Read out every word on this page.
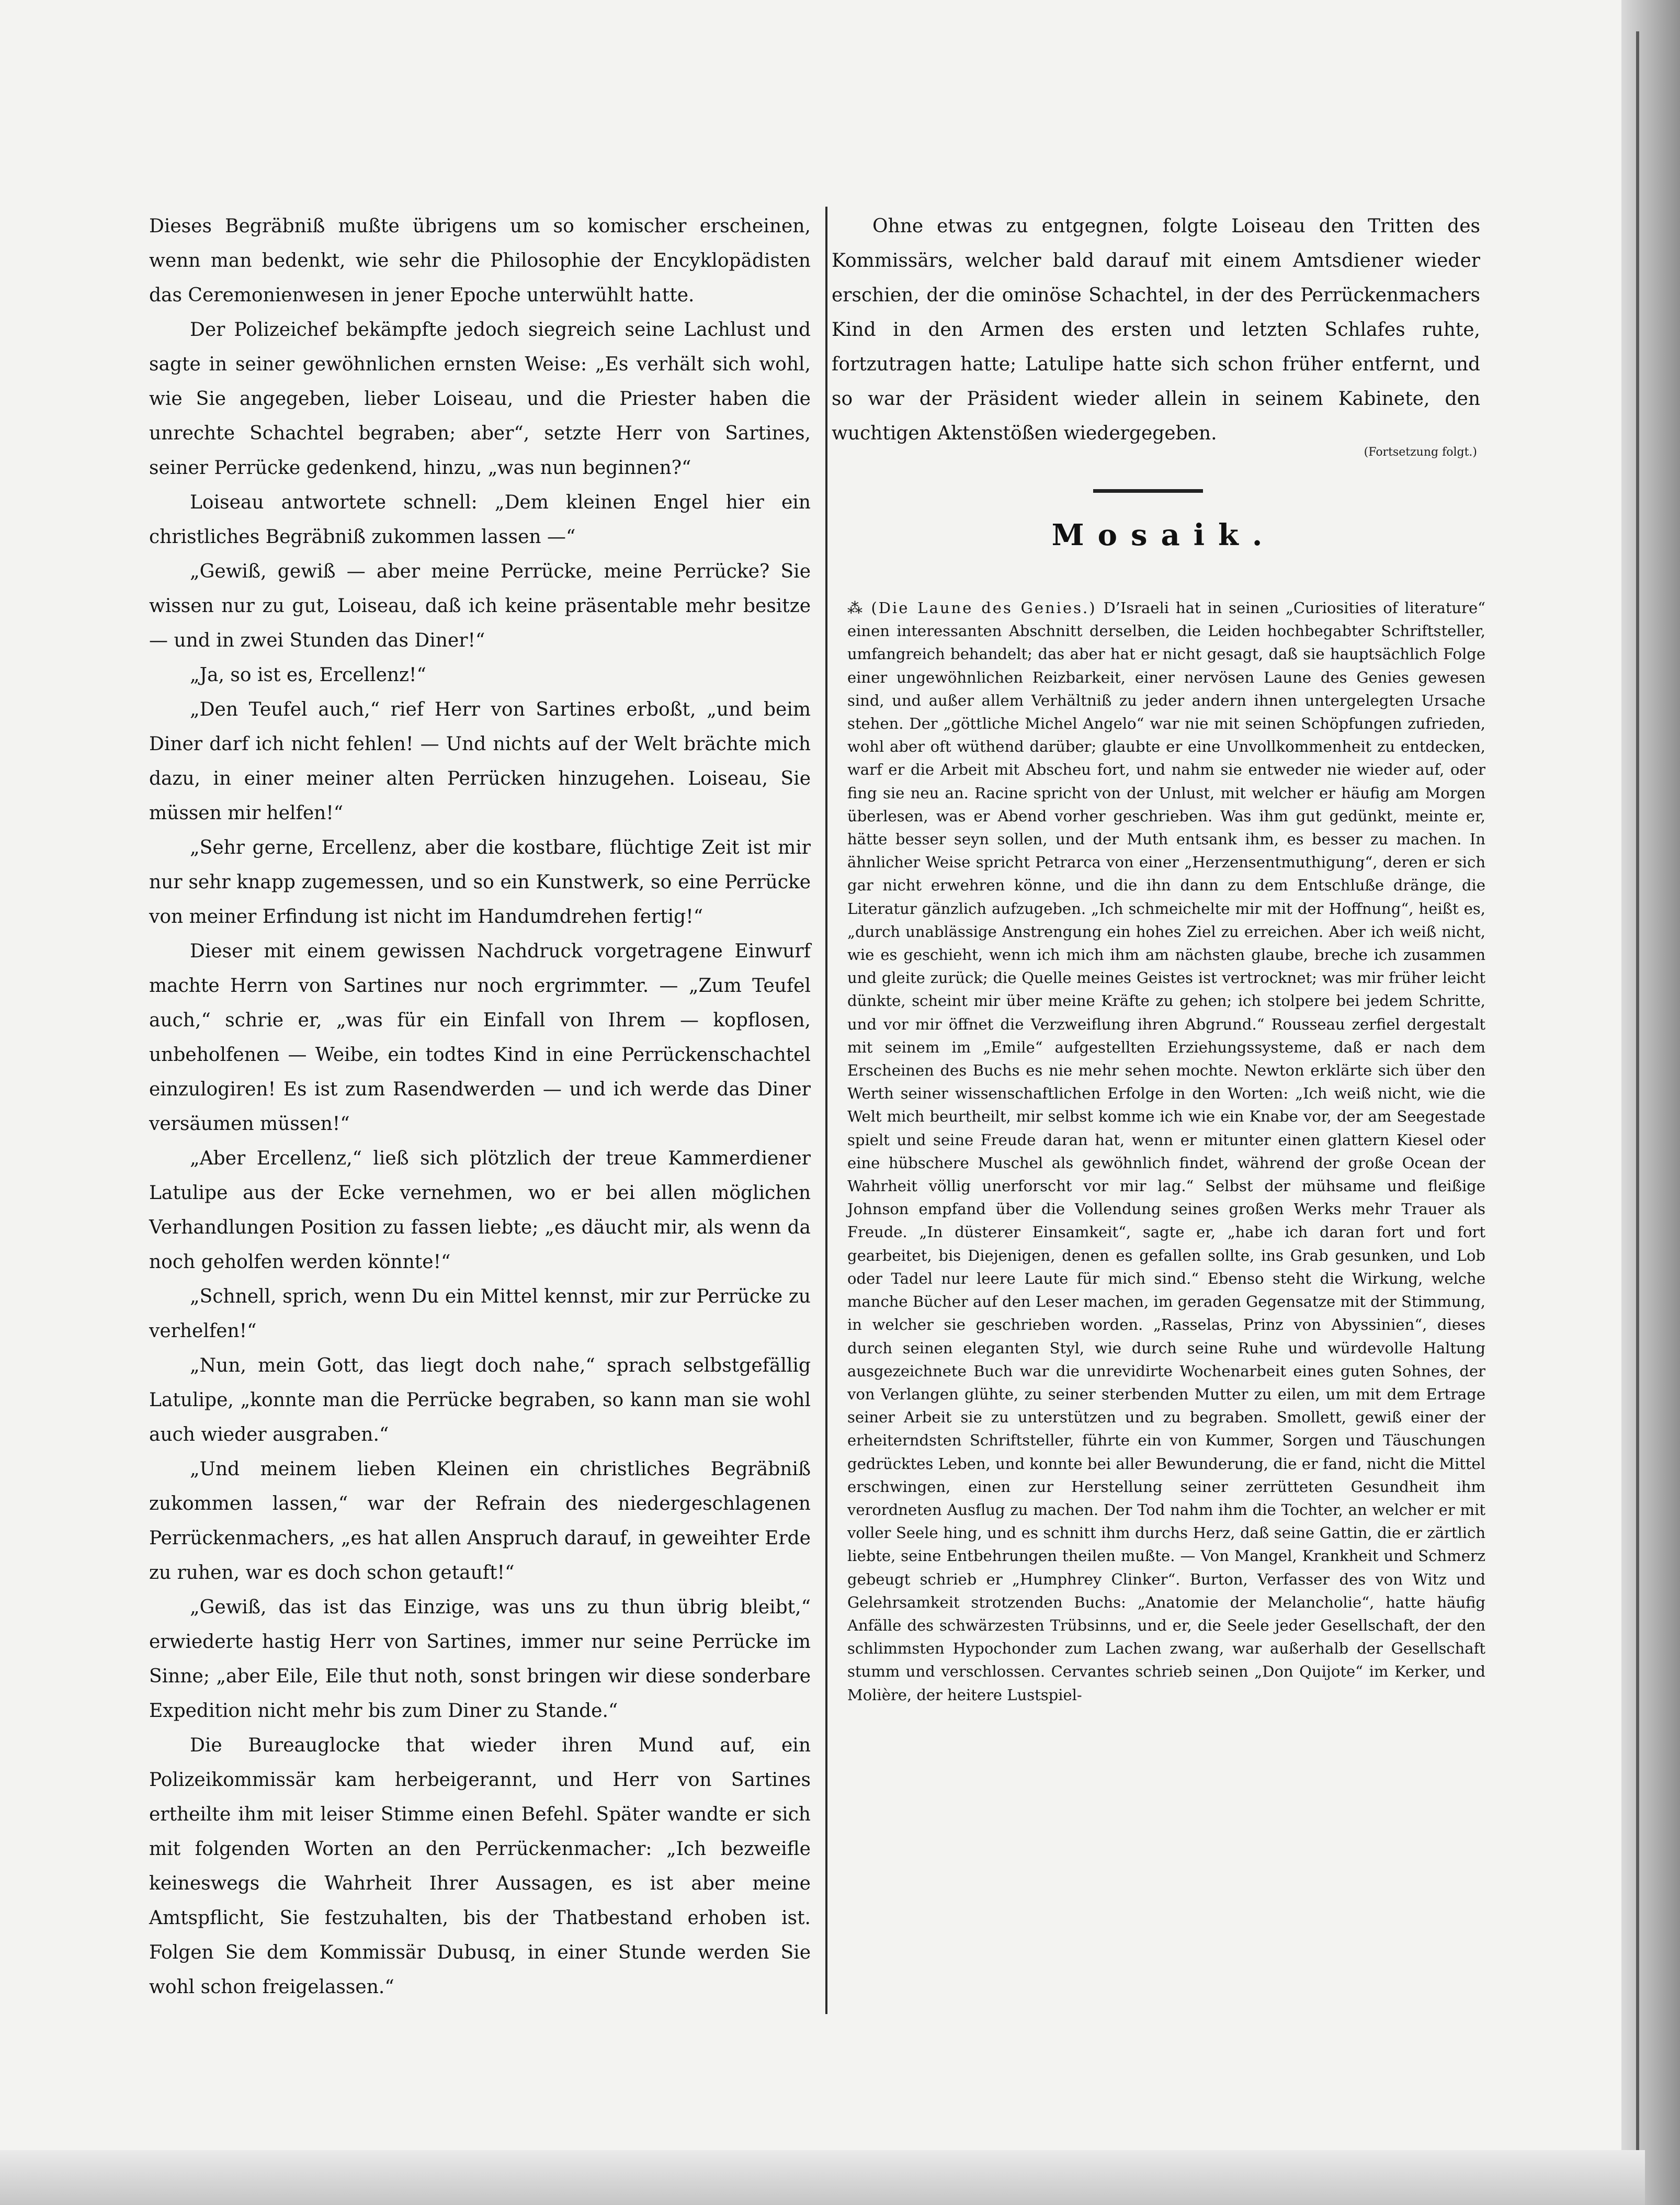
Dieses Begräbniß mußte übrigens um so komischer erscheinen, wenn man bedenkt, wie sehr die Philosophie der Encyklopädisten das Ceremonienwesen in jener Epoche unterwühlt hatte.

Der Polizeichef bekämpfte jedoch siegreich seine Lachlust und sagte in seiner gewöhnlichen ernsten Weise: „Es verhält sich wohl, wie Sie angegeben, lieber Loiseau, und die Priester haben die unrechte Schachtel begraben; aber“, setzte Herr von Sartines, seiner Perrücke gedenkend, hinzu, „was nun beginnen?“

Loiseau antwortete schnell: „Dem kleinen Engel hier ein christliches Begräbniß zukommen lassen —“

„Gewiß, gewiß — aber meine Perrücke, meine Perrücke? Sie wissen nur zu gut, Loiseau, daß ich keine präsentable mehr besitze — und in zwei Stunden das Diner!“

„Ja, so ist es, Ercellenz!“

„Den Teufel auch,“ rief Herr von Sartines erboßt, „und beim Diner darf ich nicht fehlen! — Und nichts auf der Welt brächte mich dazu, in einer meiner alten Perrücken hinzugehen. Loiseau, Sie müssen mir helfen!“

„Sehr gerne, Ercellenz, aber die kostbare, flüchtige Zeit ist mir nur sehr knapp zugemessen, und so ein Kunstwerk, so eine Perrücke von meiner Erfindung ist nicht im Handumdrehen fertig!“

Dieser mit einem gewissen Nachdruck vorgetragene Einwurf machte Herrn von Sartines nur noch ergrimmter. — „Zum Teufel auch,“ schrie er, „was für ein Einfall von Ihrem — kopflosen, unbeholfenen — Weibe, ein todtes Kind in eine Perrückenschachtel einzulogiren! Es ist zum Rasendwerden — und ich werde das Diner versäumen müssen!“

„Aber Ercellenz,“ ließ sich plötzlich der treue Kammerdiener Latulipe aus der Ecke vernehmen, wo er bei allen möglichen Verhandlungen Position zu fassen liebte; „es däucht mir, als wenn da noch geholfen werden könnte!“

„Schnell, sprich, wenn Du ein Mittel kennst, mir zur Perrücke zu verhelfen!“

„Nun, mein Gott, das liegt doch nahe,“ sprach selbstgefällig Latulipe, „konnte man die Perrücke begraben, so kann man sie wohl auch wieder ausgraben.“

„Und meinem lieben Kleinen ein christliches Begräbniß zukommen lassen,“ war der Refrain des niedergeschlagenen Perrückenmachers, „es hat allen Anspruch darauf, in geweihter Erde zu ruhen, war es doch schon getauft!“

„Gewiß, das ist das Einzige, was uns zu thun übrig bleibt,“ erwiederte hastig Herr von Sartines, immer nur seine Perrücke im Sinne; „aber Eile, Eile thut noth, sonst bringen wir diese sonderbare Expedition nicht mehr bis zum Diner zu Stande.“

Die Bureauglocke that wieder ihren Mund auf, ein Polizeikommissär kam herbeigerannt, und Herr von Sartines ertheilte ihm mit leiser Stimme einen Befehl. Später wandte er sich mit folgenden Worten an den Perrückenmacher: „Ich bezweifle keineswegs die Wahrheit Ihrer Aussagen, es ist aber meine Amtspflicht, Sie festzuhalten, bis der Thatbestand erhoben ist. Folgen Sie dem Kommissär Dubusq, in einer Stunde werden Sie wohl schon freigelassen.“

Ohne etwas zu entgegnen, folgte Loiseau den Tritten des Kommissärs, welcher bald darauf mit einem Amtsdiener wieder erschien, der die ominöse Schachtel, in der des Perrückenmachers Kind in den Armen des ersten und letzten Schlafes ruhte, fortzutragen hatte; Latulipe hatte sich schon früher entfernt, und so war der Präsident wieder allein in seinem Kabinete, den wuchtigen Aktenstößen wiedergegeben.

(Fortsetzung folgt.)
Mosaik.

⁂ (Die Laune des Genies.) D’Israeli hat in seinen „Curiosities of literature“ einen interessanten Abschnitt derselben, die Leiden hochbegabter Schriftsteller, umfangreich behandelt; das aber hat er nicht gesagt, daß sie hauptsächlich Folge einer ungewöhnlichen Reizbarkeit, einer nervösen Laune des Genies gewesen sind, und außer allem Verhältniß zu jeder andern ihnen untergelegten Ursache stehen. Der „göttliche Michel Angelo“ war nie mit seinen Schöpfungen zufrieden, wohl aber oft wüthend darüber; glaubte er eine Unvollkommenheit zu entdecken, warf er die Arbeit mit Abscheu fort, und nahm sie entweder nie wieder auf, oder fing sie neu an. Racine spricht von der Unlust, mit welcher er häufig am Morgen überlesen, was er Abend vorher geschrieben. Was ihm gut gedünkt, meinte er, hätte besser seyn sollen, und der Muth entsank ihm, es besser zu machen. In ähnlicher Weise spricht Petrarca von einer „Herzensentmuthigung“, deren er sich gar nicht erwehren könne, und die ihn dann zu dem Entschluße dränge, die Literatur gänzlich aufzugeben. „Ich schmeichelte mir mit der Hoffnung“, heißt es, „durch unablässige Anstrengung ein hohes Ziel zu erreichen. Aber ich weiß nicht, wie es geschieht, wenn ich mich ihm am nächsten glaube, breche ich zusammen und gleite zurück; die Quelle meines Geistes ist vertrocknet; was mir früher leicht dünkte, scheint mir über meine Kräfte zu gehen; ich stolpere bei jedem Schritte, und vor mir öffnet die Verzweiflung ihren Abgrund.“ Rousseau zerfiel dergestalt mit seinem im „Emile“ aufgestellten Erziehungssysteme, daß er nach dem Erscheinen des Buchs es nie mehr sehen mochte. Newton erklärte sich über den Werth seiner wissenschaftlichen Erfolge in den Worten: „Ich weiß nicht, wie die Welt mich beurtheilt, mir selbst komme ich wie ein Knabe vor, der am Seegestade spielt und seine Freude daran hat, wenn er mitunter einen glattern Kiesel oder eine hübschere Muschel als gewöhnlich findet, während der große Ocean der Wahrheit völlig unerforscht vor mir lag.“ Selbst der mühsame und fleißige Johnson empfand über die Vollendung seines großen Werks mehr Trauer als Freude. „In düsterer Einsamkeit“, sagte er, „habe ich daran fort und fort gearbeitet, bis Diejenigen, denen es gefallen sollte, ins Grab gesunken, und Lob oder Tadel nur leere Laute für mich sind.“ Ebenso steht die Wirkung, welche manche Bücher auf den Leser machen, im geraden Gegensatze mit der Stimmung, in welcher sie geschrieben worden. „Rasselas, Prinz von Abyssinien“, dieses durch seinen eleganten Styl, wie durch seine Ruhe und würdevolle Haltung ausgezeichnete Buch war die unrevidirte Wochenarbeit eines guten Sohnes, der von Verlangen glühte, zu seiner sterbenden Mutter zu eilen, um mit dem Ertrage seiner Arbeit sie zu unterstützen und zu begraben. Smollett, gewiß einer der erheiterndsten Schriftsteller, führte ein von Kummer, Sorgen und Täuschungen gedrücktes Leben, und konnte bei aller Bewunderung, die er fand, nicht die Mittel erschwingen, einen zur Herstellung seiner zerrütteten Gesundheit ihm verordneten Ausflug zu machen. Der Tod nahm ihm die Tochter, an welcher er mit voller Seele hing, und es schnitt ihm durchs Herz, daß seine Gattin, die er zärtlich liebte, seine Entbehrungen theilen mußte. — Von Mangel, Krankheit und Schmerz gebeugt schrieb er „Humphrey Clinker“. Burton, Verfasser des von Witz und Gelehrsamkeit strotzenden Buchs: „Anatomie der Melancholie“, hatte häufig Anfälle des schwärzesten Trübsinns, und er, die Seele jeder Gesellschaft, der den schlimmsten Hypochonder zum Lachen zwang, war außerhalb der Gesellschaft stumm und verschlossen. Cervantes schrieb seinen „Don Quijote“ im Kerker, und Molière, der heitere Lustspiel-
